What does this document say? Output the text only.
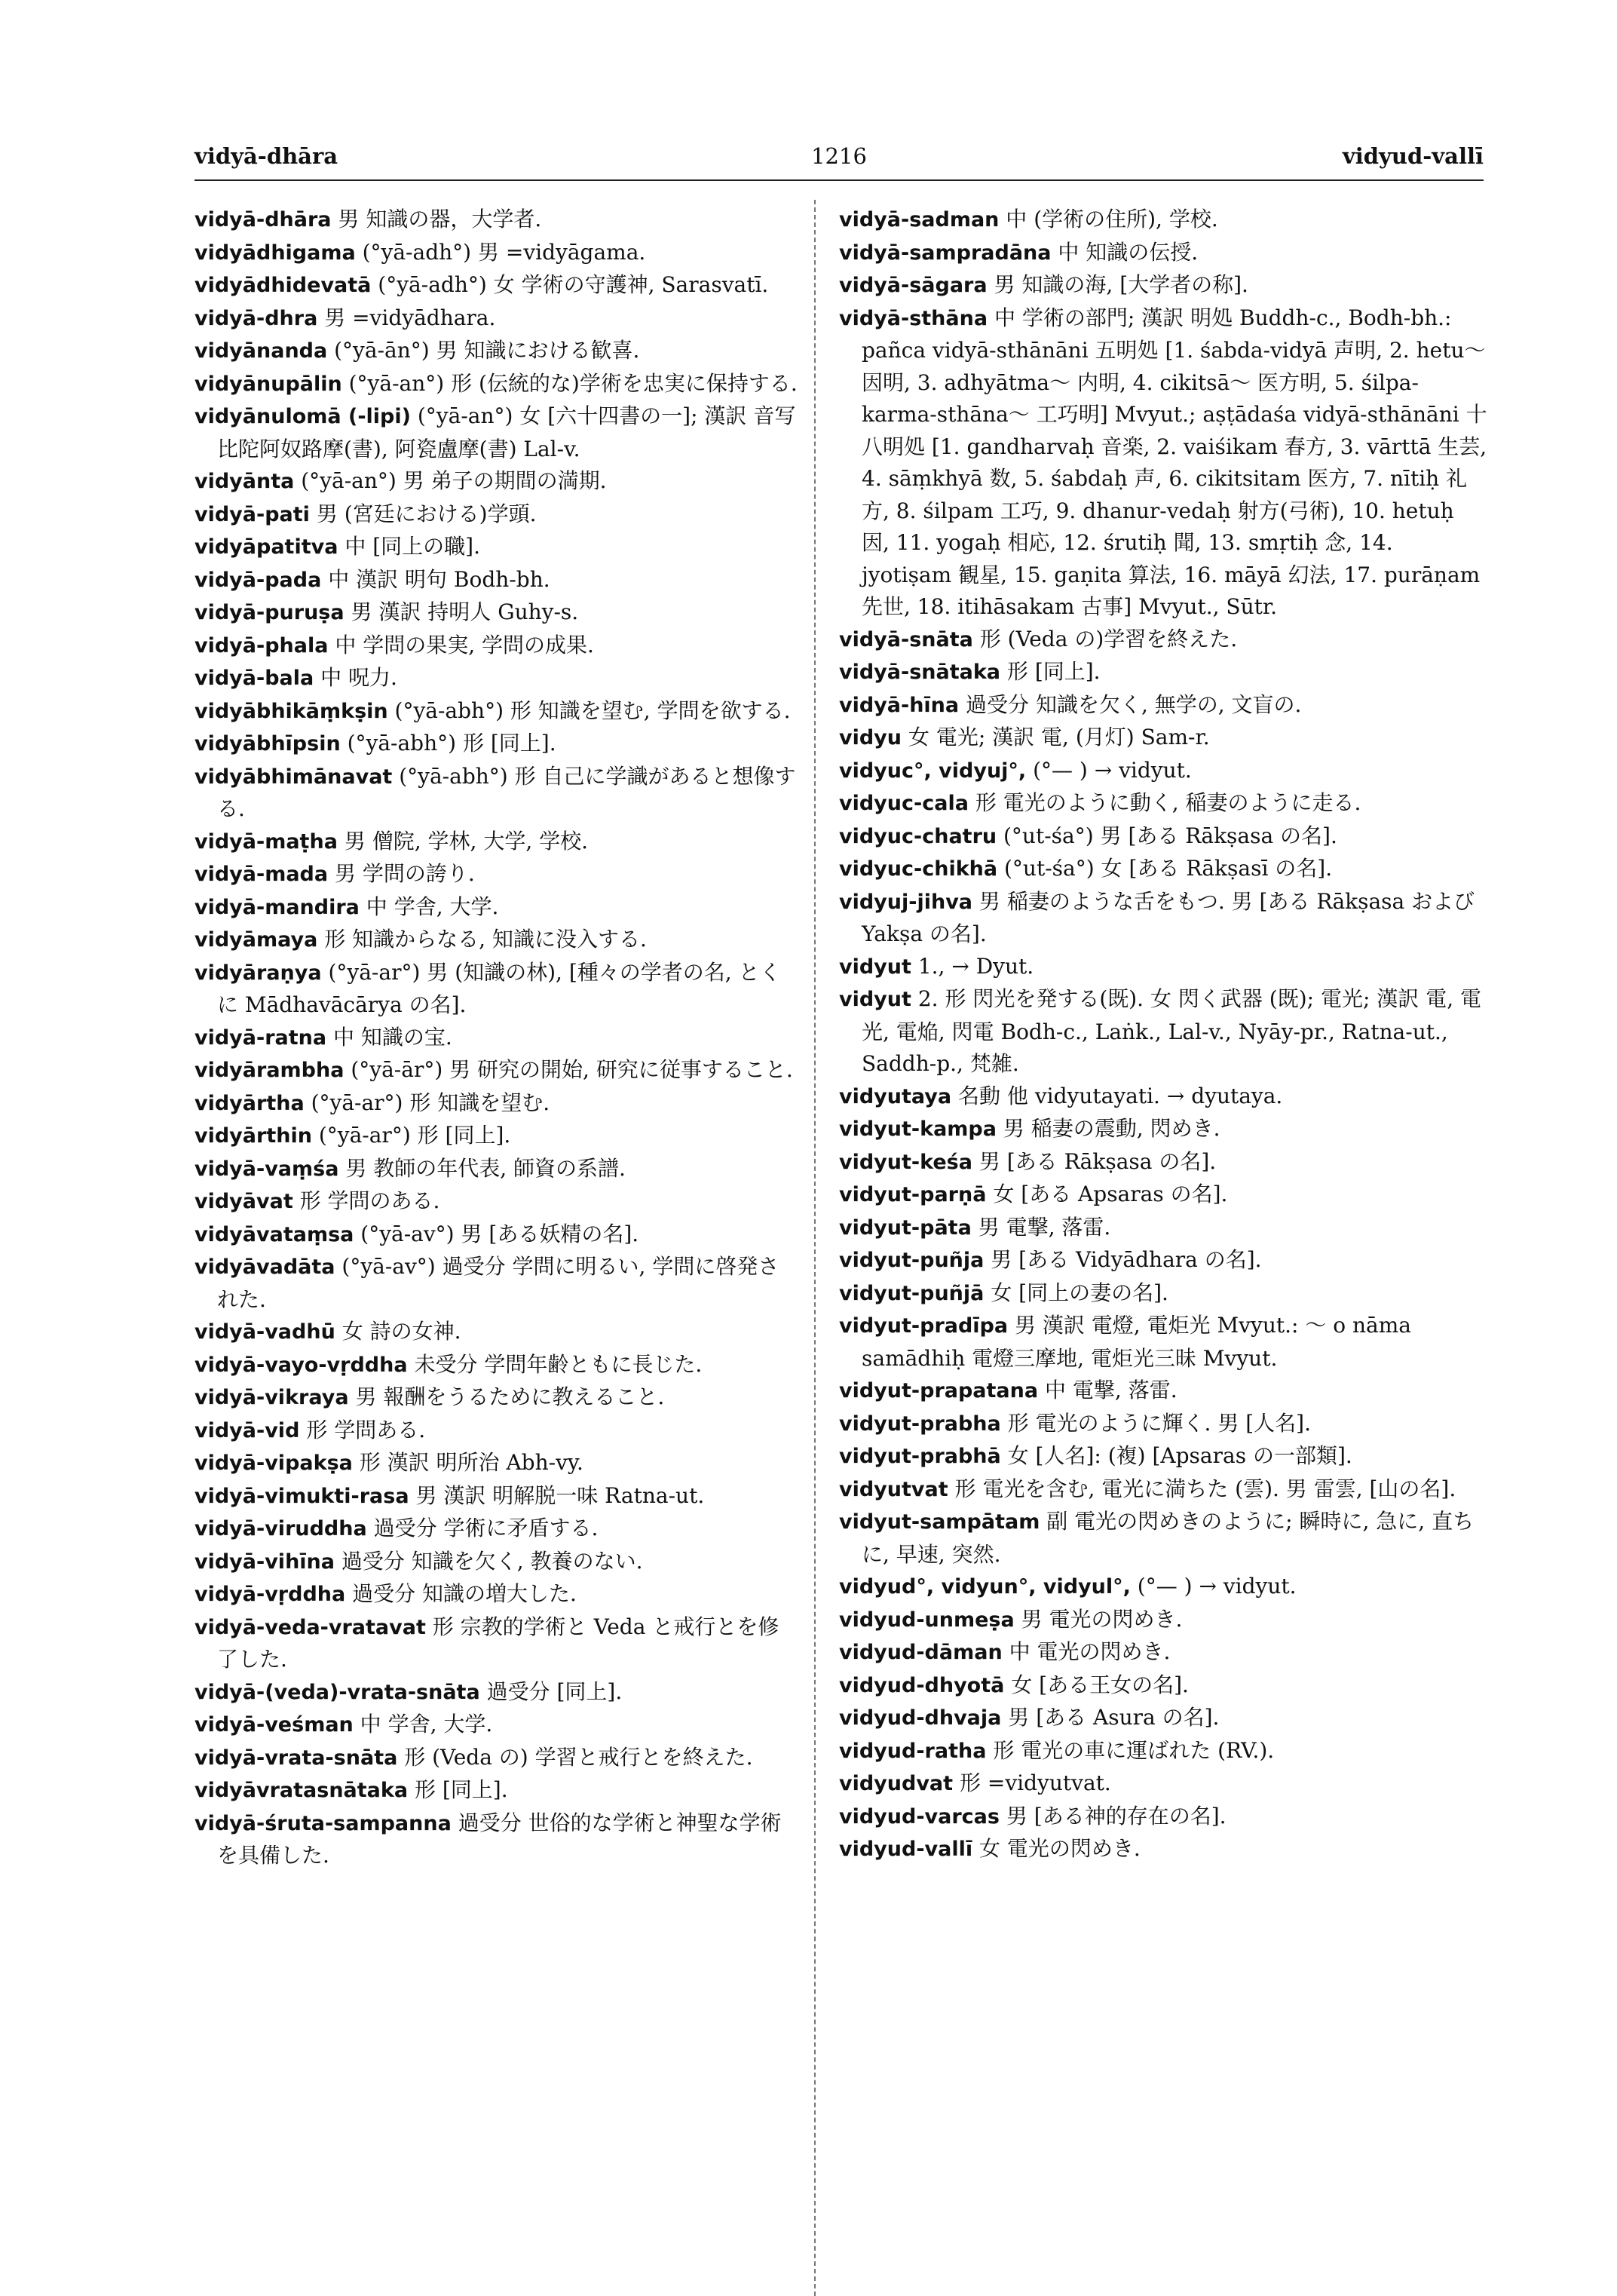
vidyā-dhāra	1216	vidyud-vallī

vidyā-dhāra 男 知識の器，大学者.

vidyādhigama (°yā-adh°) 男 =vidyāgama.

vidyādhidevatā (°yā-adh°) 女 学術の守護神, Sarasvatī.

vidyā-dhra 男 =vidyādhara.

vidyānanda (°yā-ān°) 男 知識における歓喜.

vidyānupālin (°yā-an°) 形 (伝統的な)学術を忠実に保持する.

vidyānulomā (-lipi) (°yā-an°) 女 [六十四書の一]; 漢訳 音写 比陀阿奴路摩(書), 阿瓷盧摩(書) Lal-v.

vidyānta (°yā-an°) 男 弟子の期間の満期.

vidyā-pati 男 (宮廷における)学頭.

vidyāpatitva 中 [同上の職].

vidyā-pada 中 漢訳 明句 Bodh-bh.

vidyā-puruṣa 男 漢訳 持明人 Guhy-s.

vidyā-phala 中 学問の果実, 学問の成果.

vidyā-bala 中 呪力.

vidyābhikāṃkṣin (°yā-abh°) 形 知識を望む, 学問を欲する.

vidyābhīpsin (°yā-abh°) 形 [同上].

vidyābhimānavat (°yā-abh°) 形 自己に学識があると想像する.

vidyā-maṭha 男 僧院, 学林, 大学, 学校.

vidyā-mada 男 学問の誇り.

vidyā-mandira 中 学舎, 大学.

vidyāmaya 形 知識からなる, 知識に没入する.

vidyāraṇya (°yā-ar°) 男 (知識の林), [種々の学者の名, とくに Mādhavācārya の名].

vidyā-ratna 中 知識の宝.

vidyārambha (°yā-ār°) 男 研究の開始, 研究に従事すること.

vidyārtha (°yā-ar°) 形 知識を望む.

vidyārthin (°yā-ar°) 形 [同上].

vidyā-vaṃśa 男 教師の年代表, 師資の系譜.

vidyāvat 形 学問のある.

vidyāvataṃsa (°yā-av°) 男 [ある妖精の名].

vidyāvadāta (°yā-av°) 過受分 学問に明るい, 学問に啓発された.

vidyā-vadhū 女 詩の女神.

vidyā-vayo-vṛddha 未受分 学問年齢ともに長じた.

vidyā-vikraya 男 報酬をうるために教えること.

vidyā-vid 形 学問ある.

vidyā-vipakṣa 形 漢訳 明所治 Abh-vy.

vidyā-vimukti-rasa 男 漢訳 明解脱一味 Ratna-ut.

vidyā-viruddha 過受分 学術に矛盾する.

vidyā-vihīna 過受分 知識を欠く, 教養のない.

vidyā-vṛddha 過受分 知識の増大した.

vidyā-veda-vratavat 形 宗教的学術と Veda と戒行とを修了した.

vidyā-(veda)-vrata-snāta 過受分 [同上].

vidyā-veśman 中 学舎, 大学.

vidyā-vrata-snāta 形 (Veda の) 学習と戒行とを終えた.

vidyāvratasnātaka 形 [同上].

vidyā-śruta-sampanna 過受分 世俗的な学術と神聖な学術を具備した.

vidyā-sadman 中 (学術の住所), 学校.

vidyā-sampradāna 中 知識の伝授.

vidyā-sāgara 男 知識の海, [大学者の称].

vidyā-sthāna 中 学術の部門; 漢訳 明処 Buddh-c., Bodh-bh.: pañca vidyā-sthānāni 五明処 [1. śabda-vidyā 声明, 2. hetu～ 因明, 3. adhyātma～ 内明, 4. cikitsā～ 医方明, 5. śilpa-karma-sthāna～ 工巧明] Mvyut.; aṣṭādaśa vidyā-sthānāni 十八明処 [1. gandharvaḥ 音楽, 2. vaiśikam 春方, 3. vārttā 生芸, 4. sāṃkhyā 数, 5. śabdaḥ 声, 6. cikitsitam 医方, 7. nītiḥ 礼方, 8. śilpam 工巧, 9. dhanur-vedaḥ 射方(弓術), 10. hetuḥ 因, 11. yogaḥ 相応, 12. śrutiḥ 聞, 13. smṛtiḥ 念, 14. jyotiṣam 観星, 15. gaṇita 算法, 16. māyā 幻法, 17. purāṇam 先世, 18. itihāsakam 古事] Mvyut., Sūtr.

vidyā-snāta 形 (Veda の)学習を終えた.

vidyā-snātaka 形 [同上].

vidyā-hīna 過受分 知識を欠く, 無学の, 文盲の.

vidyu 女 電光; 漢訳 電, (月灯) Sam-r.

vidyuc°, vidyuj°, (°— ) → vidyut.

vidyuc-cala 形 電光のように動く, 稲妻のように走る.

vidyuc-chatru (°ut-śa°) 男 [ある Rākṣasa の名].

vidyuc-chikhā (°ut-śa°) 女 [ある Rākṣasī の名].

vidyuj-jihva 男 稲妻のような舌をもつ. 男 [ある Rākṣasa および Yakṣa の名].

vidyut 1., → Dyut.

vidyut 2. 形 閃光を発する(既). 女 閃く武器 (既); 電光; 漢訳 電, 電光, 電焔, 閃電 Bodh-c., Laṅk., Lal-v., Nyāy-pr., Ratna-ut., Saddh-p., 梵雑.

vidyutaya 名動 他 vidyutayati. → dyutaya.

vidyut-kampa 男 稲妻の震動, 閃めき.

vidyut-keśa 男 [ある Rākṣasa の名].

vidyut-parṇā 女 [ある Apsaras の名].

vidyut-pāta 男 電撃, 落雷.

vidyut-puñja 男 [ある Vidyādhara の名].

vidyut-puñjā 女 [同上の妻の名].

vidyut-pradīpa 男 漢訳 電燈, 電炬光 Mvyut.: ～ o nāma samādhiḥ 電燈三摩地, 電炬光三昧 Mvyut.

vidyut-prapatana 中 電撃, 落雷.

vidyut-prabha 形 電光のように輝く. 男 [人名].

vidyut-prabhā 女 [人名]: (複) [Apsaras の一部類].

vidyutvat 形 電光を含む, 電光に満ちた (雲). 男 雷雲, [山の名].

vidyut-sampātam 副 電光の閃めきのように; 瞬時に, 急に, 直ちに, 早速, 突然.

vidyud°, vidyun°, vidyul°, (°— ) → vidyut.

vidyud-unmeṣa 男 電光の閃めき.

vidyud-dāman 中 電光の閃めき.

vidyud-dhyotā 女 [ある王女の名].

vidyud-dhvaja 男 [ある Asura の名].

vidyud-ratha 形 電光の車に運ばれた (RV.).

vidyudvat 形 =vidyutvat.

vidyud-varcas 男 [ある神的存在の名].

vidyud-vallī 女 電光の閃めき.
